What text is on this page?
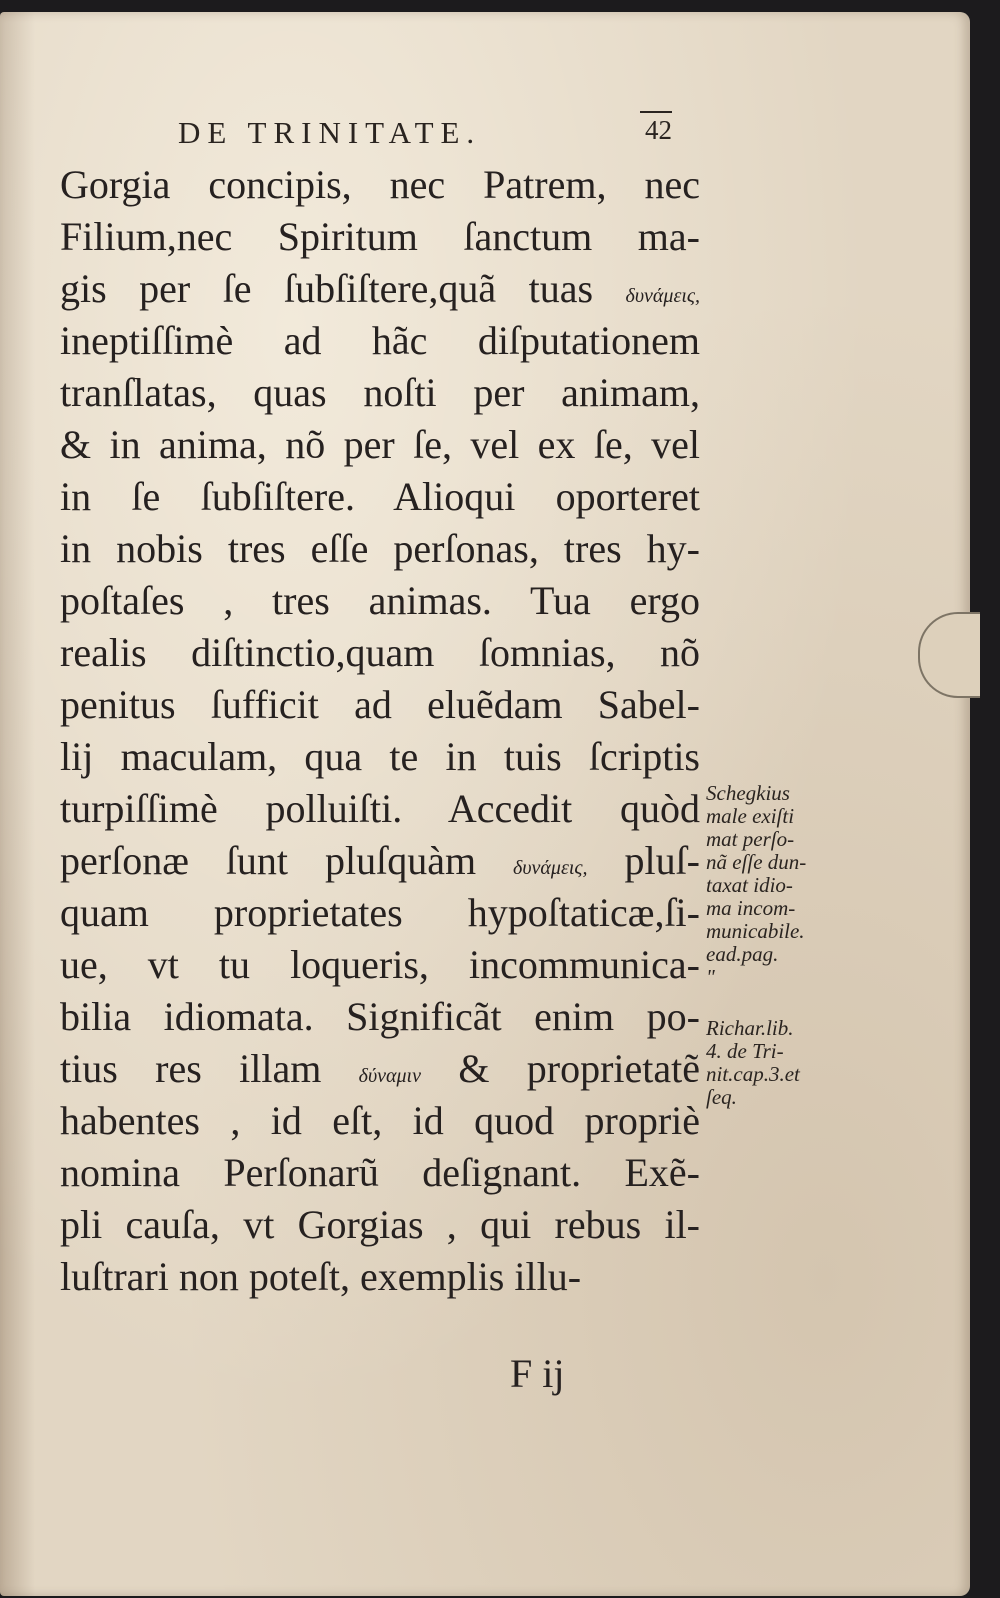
DE TRINITATE.	42
Gorgia concipis, nec Patrem, nec
Filium,nec Spiritum ſanctum ma-
gis per ſe ſubſiſtere,quã tuas δυνάμεις,
ineptiſſimè ad hãc diſputationem
tranſlatas, quas noſti per animam,
& in anima, nõ per ſe, vel ex ſe, vel
in ſe ſubſiſtere. Alioqui oporteret
in nobis tres eſſe perſonas, tres hy-
poſtaſes , tres animas. Tua ergo
realis diſtinctio,quam ſomnias, nõ
penitus ſufficit ad eluẽdam Sabel-
lij maculam, qua te in tuis ſcriptis
turpiſſimè polluiſti. Accedit quòd
perſonæ ſunt pluſquàm δυνάμεις, pluſ-
quam proprietates hypoſtaticæ,ſi-
ue, vt tu loqueris, incommunica-
bilia idiomata. Significãt enim po-
tius res illam δύναμιν & proprietatẽ
habentes , id eſt, id quod propriè
nomina Perſonarũ deſignant. Exẽ-
pli cauſa, vt Gorgias , qui rebus il-
luſtrari non poteſt, exemplis illu-
Schegkius
male exiſti
mat perſo-
nã eſſe dun-
taxat idio-
ma incom-
municabile.
ead.pag.
"
Richar.lib.
4. de Tri-
nit.cap.3.et
ſeq.
F ij
